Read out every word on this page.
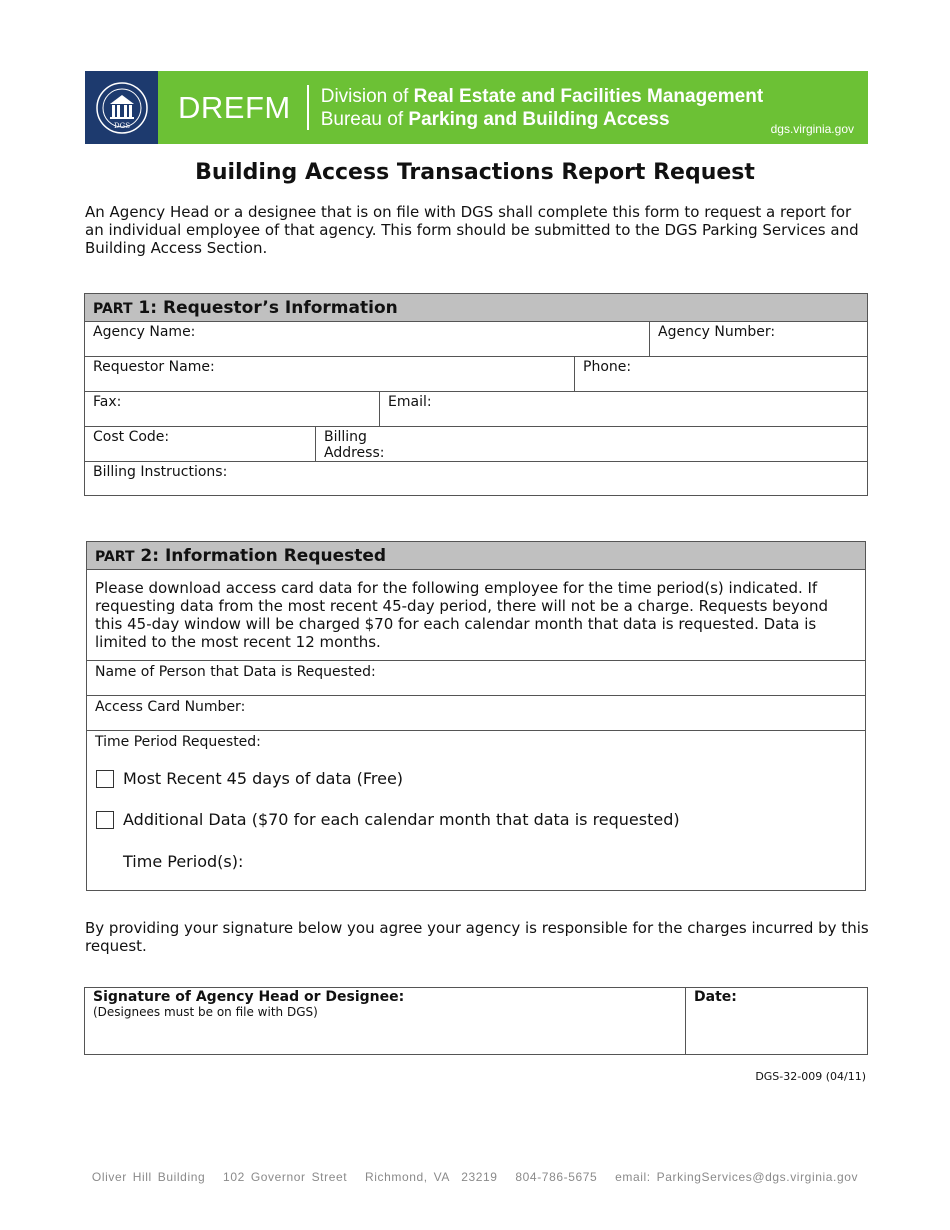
DGS
DREFM Division of Real Estate and Facilities Management
Bureau of Parking and Building Access	dgs.virginia.gov
Building Access Transactions Report Request
An Agency Head or a designee that is on file with DGS shall complete this form to request a report for an individual employee of that agency. This form should be submitted to the DGS Parking Services and Building Access Section.
PART 1: Requestor’s Information
Agency Name:	Agency Number:
Requestor Name:	Phone:
Fax:	Email:
Cost Code:	Billing Address:
Billing Instructions:
PART 2: Information Requested
Please download access card data for the following employee for the time period(s) indicated. If requesting data from the most recent 45-day period, there will not be a charge. Requests beyond this 45-day window will be charged $70 for each calendar month that data is requested. Data is limited to the most recent 12 months.
Name of Person that Data is Requested:
Access Card Number:
Time Period Requested:
Most Recent 45 days of data (Free)
Additional Data ($70 for each calendar month that data is requested)
Time Period(s):
By providing your signature below you agree your agency is responsible for the charges incurred by this request.
Signature of Agency Head or Designee:
(Designees must be on file with DGS)
Date:
DGS-32-009 (04/11)
Oliver Hill Building   102 Governor Street   Richmond, VA  23219   804-786-5675   email: ParkingServices@dgs.virginia.gov
